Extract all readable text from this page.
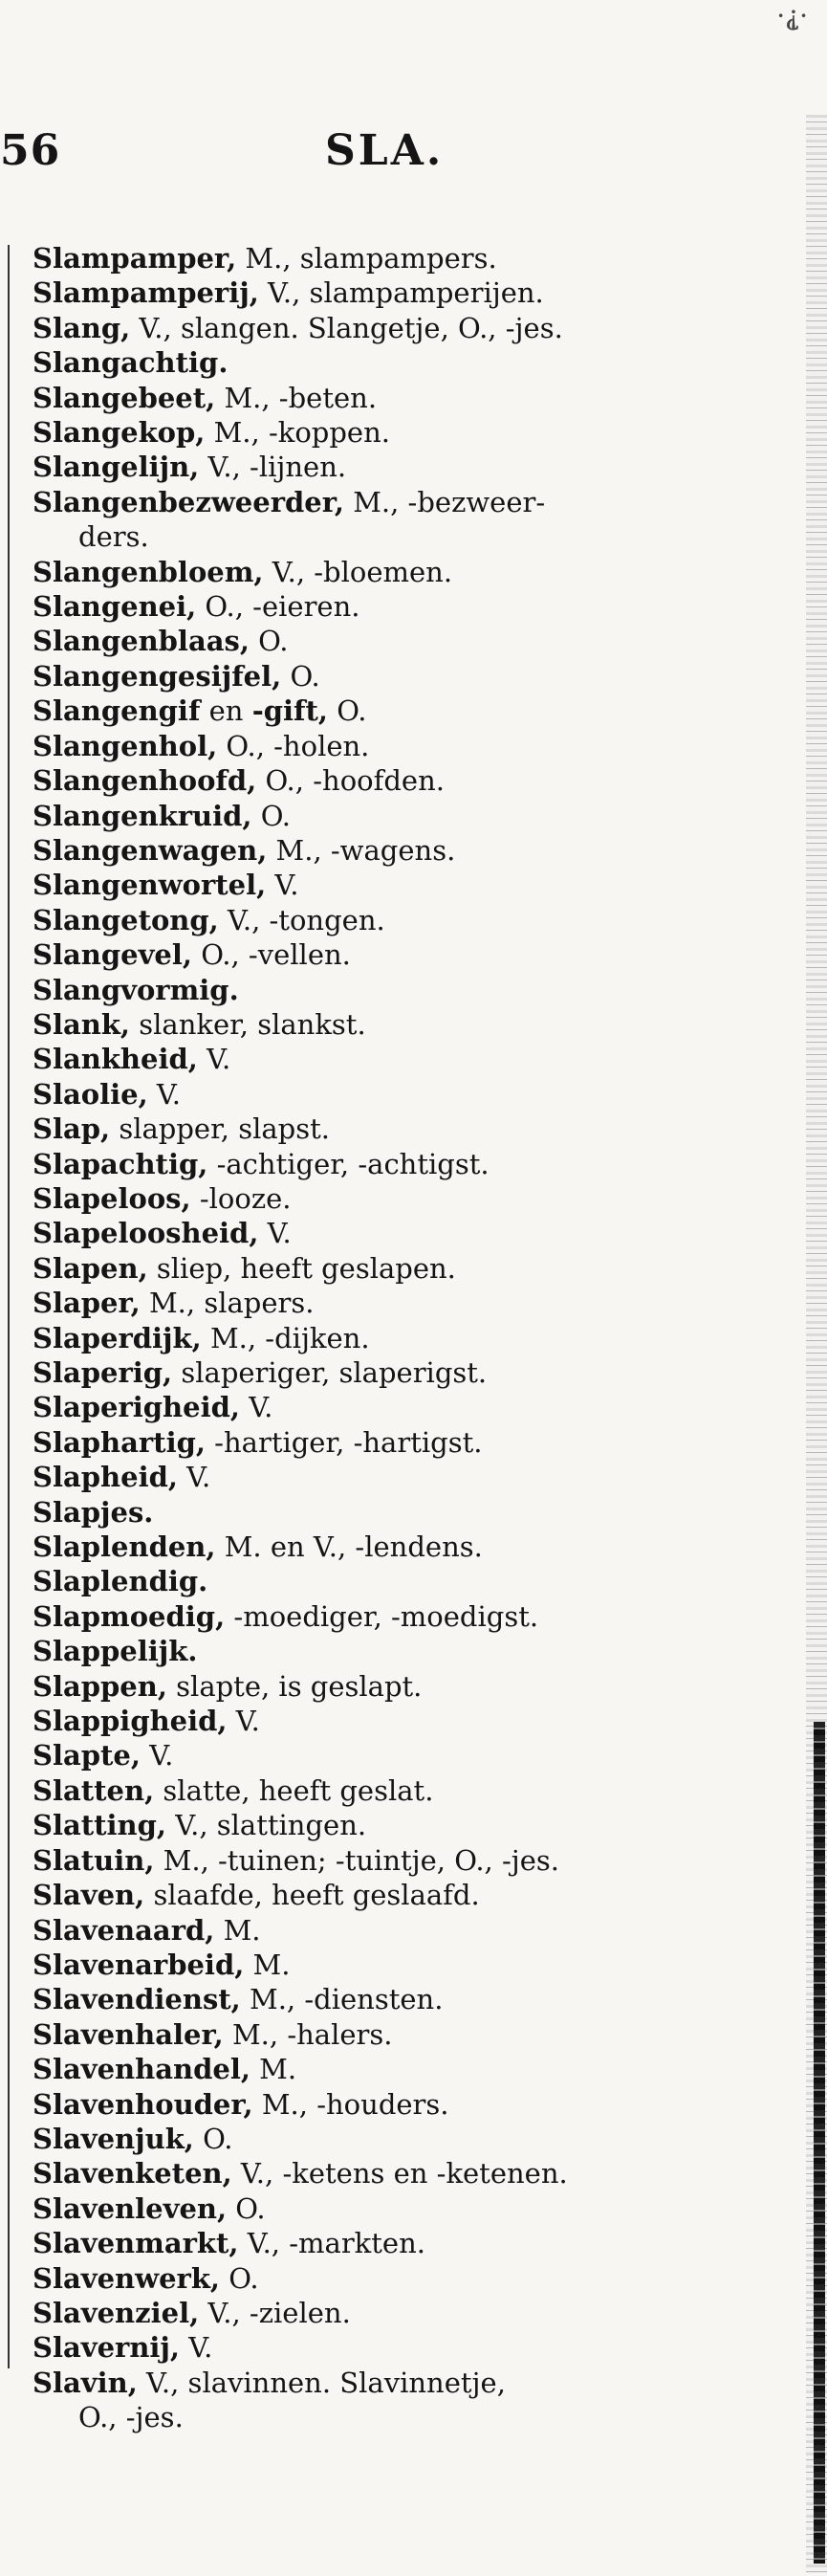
·⸘·
56	SLA.
Slampamper, M., slampampers.
Slampamperij, V., slampamperijen.
Slang, V., slangen. Slangetje, O., -jes.
Slangachtig.
Slangebeet, M., -beten.
Slangekop, M., -koppen.
Slangelijn, V., -lijnen.
Slangenbezweerder, M., -bezweer-
ders.
Slangenbloem, V., -bloemen.
Slangenei, O., -eieren.
Slangenblaas, O.
Slangengesijfel, O.
Slangengif en -gift, O.
Slangenhol, O., -holen.
Slangenhoofd, O., -hoofden.
Slangenkruid, O.
Slangenwagen, M., -wagens.
Slangenwortel, V.
Slangetong, V., -tongen.
Slangevel, O., -vellen.
Slangvormig.
Slank, slanker, slankst.
Slankheid, V.
Slaolie, V.
Slap, slapper, slapst.
Slapachtig, -achtiger, -achtigst.
Slapeloos, -looze.
Slapeloosheid, V.
Slapen, sliep, heeft geslapen.
Slaper, M., slapers.
Slaperdijk, M., -dijken.
Slaperig, slaperiger, slaperigst.
Slaperigheid, V.
Slaphartig, -hartiger, -hartigst.
Slapheid, V.
Slapjes.
Slaplenden, M. en V., -lendens.
Slaplendig.
Slapmoedig, -moediger, -moedigst.
Slappelijk.
Slappen, slapte, is geslapt.
Slappigheid, V.
Slapte, V.
Slatten, slatte, heeft geslat.
Slatting, V., slattingen.
Slatuin, M., -tuinen; -tuintje, O., -jes.
Slaven, slaafde, heeft geslaafd.
Slavenaard, M.
Slavenarbeid, M.
Slavendienst, M., -diensten.
Slavenhaler, M., -halers.
Slavenhandel, M.
Slavenhouder, M., -houders.
Slavenjuk, O.
Slavenketen, V., -ketens en -ketenen.
Slavenleven, O.
Slavenmarkt, V., -markten.
Slavenwerk, O.
Slavenziel, V., -zielen.
Slavernij, V.
Slavin, V., slavinnen. Slavinnetje,
O., -jes.
